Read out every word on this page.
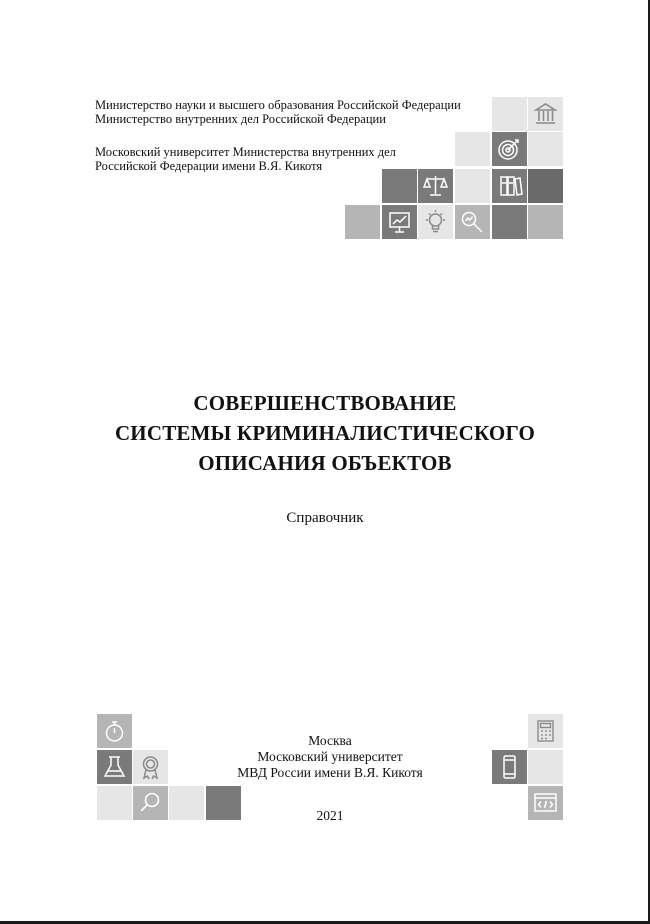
Министерство науки и высшего образования Российской Федерации
Министерство внутренних дел Российской Федерации
Московский университет Министерства внутренних дел
Российской Федерации имени В.Я. Кикотя
СОВЕРШЕНСТВОВАНИЕ
СИСТЕМЫ КРИМИНАЛИСТИЧЕСКОГО
ОПИСАНИЯ ОБЪЕКТОВ
Справочник
Москва
Московский университет
МВД России имени В.Я. Кикотя
2021
